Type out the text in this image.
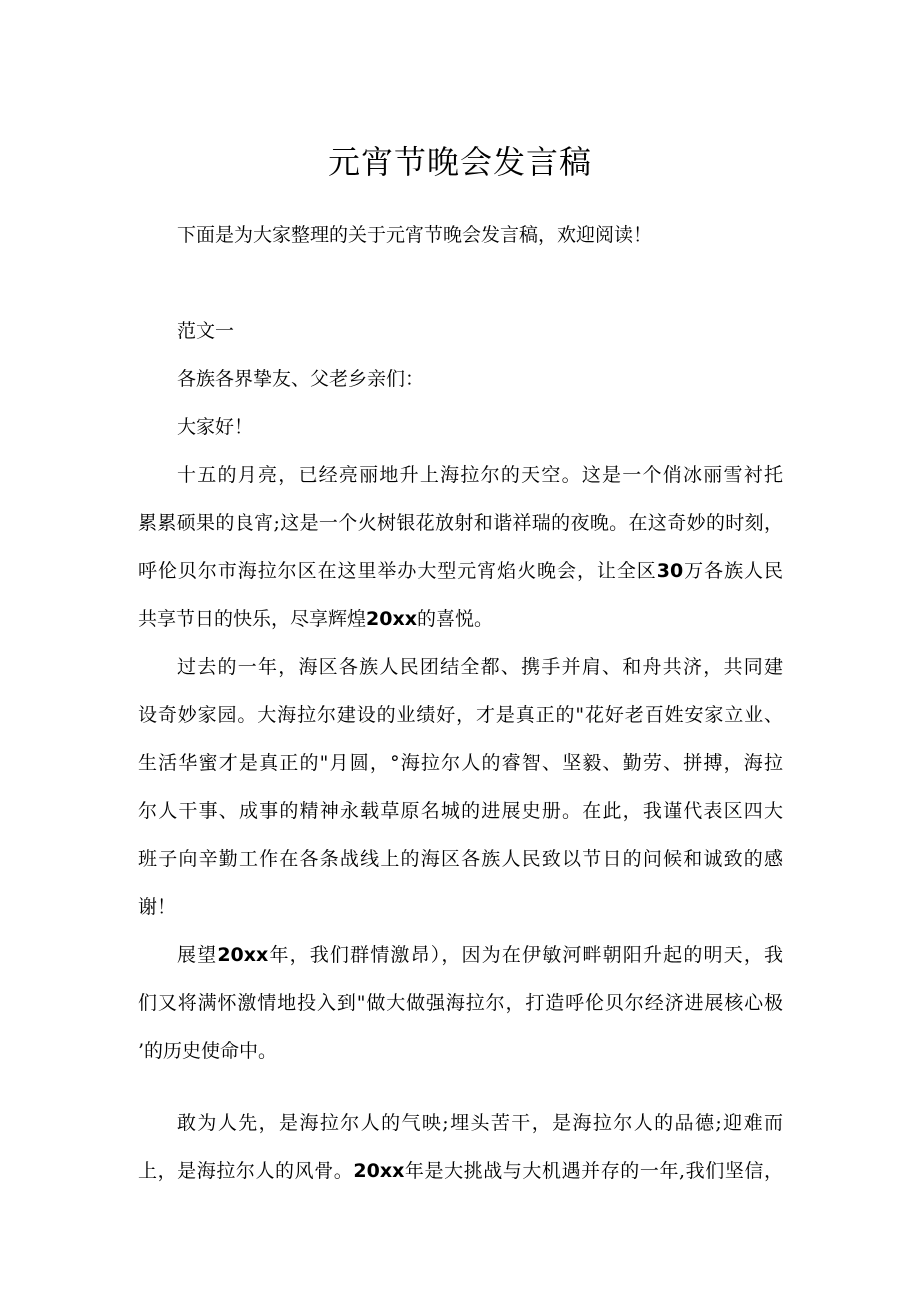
元宵节晚会发言稿

下面是为大家整理的关于元宵节晚会发言稿，欢迎阅读！

范文一

各族各界挚友、父老乡亲们：

大家好！

十五的月亮，已经亮丽地升上海拉尔的天空。这是一个俏冰丽雪衬托

累累硕果的良宵;这是一个火树银花放射和谐祥瑞的夜晚。在这奇妙的时刻，

呼伦贝尔市海拉尔区在这里举办大型元宵焰火晚会，让全区30万各族人民

共享节日的快乐，尽享辉煌20xx的喜悦。

过去的一年，海区各族人民团结全都、携手并肩、和舟共济，共同建

设奇妙家园。大海拉尔建设的业绩好，才是真正的"花好老百姓安家立业、

生活华蜜才是真正的"月圆，°海拉尔人的睿智、坚毅、勤劳、拼搏，海拉

尔人干事、成事的精神永载草原名城的进展史册。在此，我谨代表区四大

班子向辛勤工作在各条战线上的海区各族人民致以节日的问候和诚致的感

谢！

展望20xx年，我们群情激昂），因为在伊敏河畔朝阳升起的明天，我

们又将满怀激情地投入到"做大做强海拉尔，打造呼伦贝尔经济进展核心极

’的历史使命中。

敢为人先，是海拉尔人的气映;埋头苦干，是海拉尔人的品德;迎难而

上，是海拉尔人的风骨。20xx年是大挑战与大机遇并存的一年,我们坚信，
